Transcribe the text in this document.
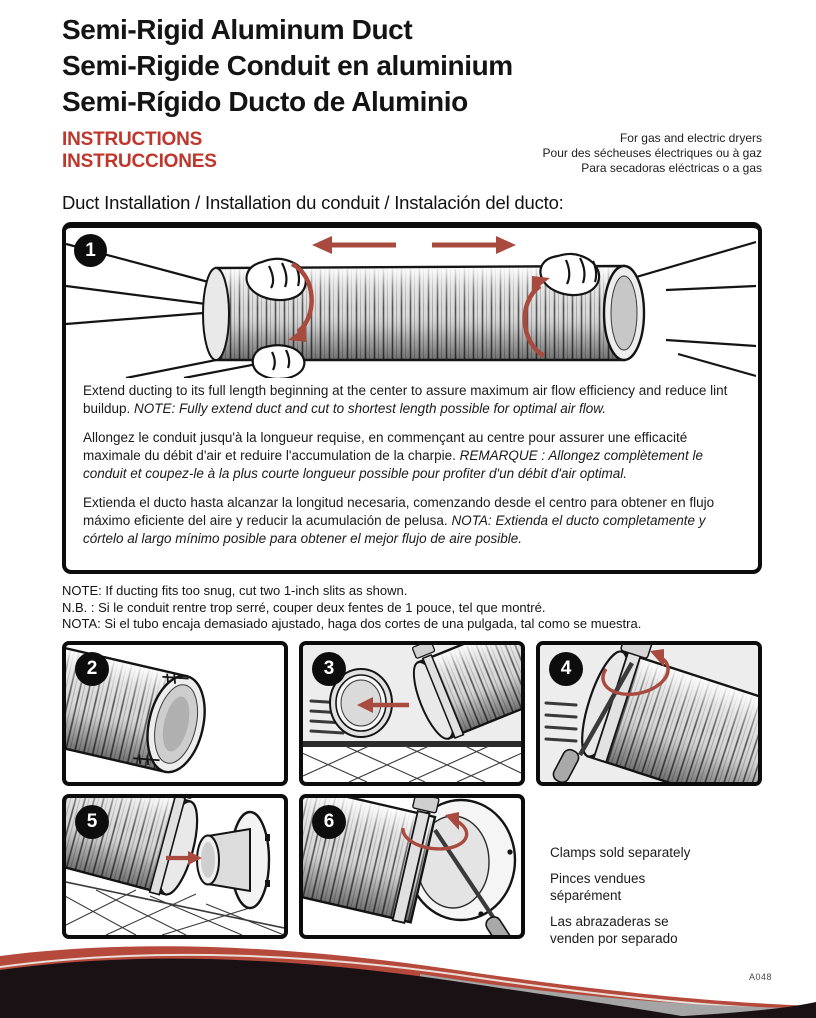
Semi-Rigid Aluminum Duct
Semi-Rigide Conduit en aluminium
Semi-Rígido Ducto de Aluminio
INSTRUCTIONS
INSTRUCCIONES
For gas and electric dryers
Pour des sécheuses électriques ou à gaz
Para secadoras eléctricas o a gas
Duct Installation / Installation du conduit / Instalación del ducto:
1

Extend ducting to its full length beginning at the center to assure maximum air flow efficiency and reduce lint buildup. NOTE: Fully extend duct and cut to shortest length possible for optimal air flow.

Allongez le conduit jusqu'à la longueur requise, en commençant au centre pour assurer une efficacité maximale du débit d'air et reduire l'accumulation de la charpie. REMARQUE : Allongez complètement le conduit et coupez-le à la plus courte longueur possible pour profiter d'un débit d'air optimal.

Extienda el ducto hasta alcanzar la longitud necesaria, comenzando desde el centro para obtener en flujo máximo eficiente del aire y reducir la acumulación de pelusa. NOTA: Extienda el ducto completamente y córtelo al largo mínimo posible para obtener el mejor flujo de aire posible.

NOTE: If ducting fits too snug, cut two 1-inch slits as shown.
N.B. : Si le conduit rentre trop serré, couper deux fentes de 1 pouce, tel que montré.
NOTA: Si el tubo encaja demasiado ajustado, haga dos cortes de una pulgada, tal como se muestra.
2	3	4
5	6
Clamps sold separately
Pinces vendues séparément
Las abrazaderas se venden por separado
A048
